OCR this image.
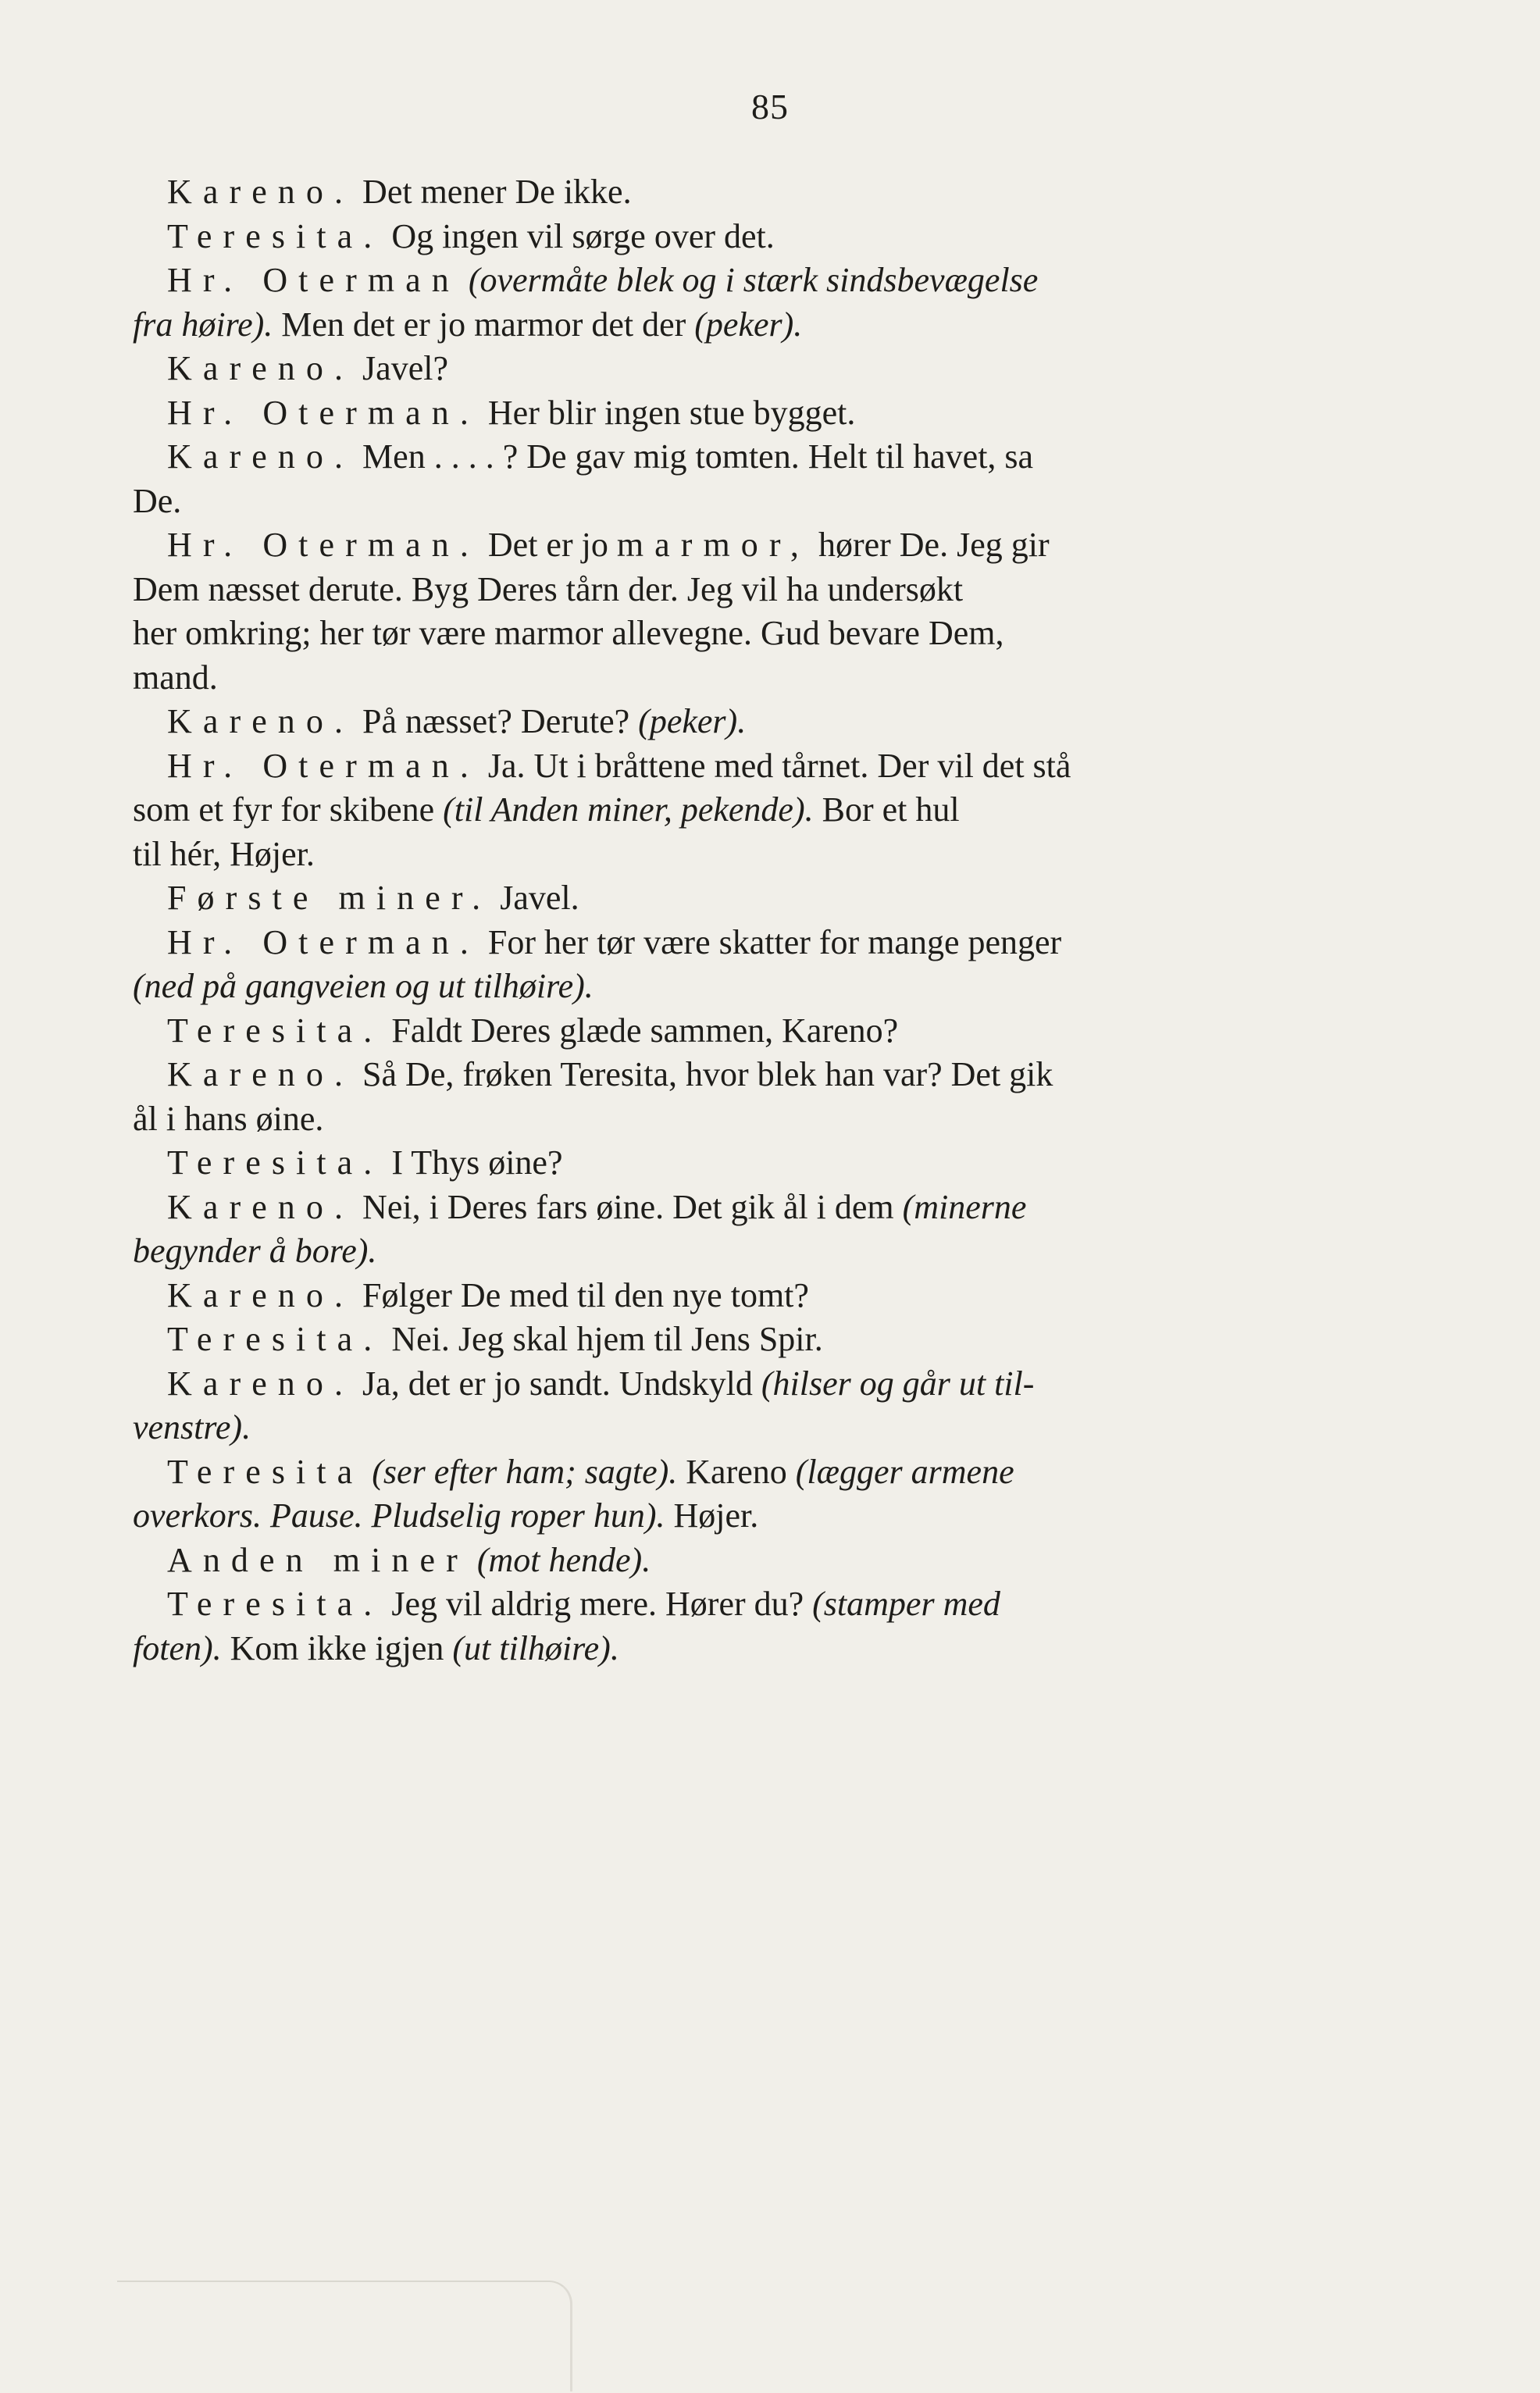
85
Kareno. Det mener De ikke.
Teresita. Og ingen vil sørge over det.
Hr. Oterman (overmåte blek og i stærk sindsbevægelse
fra høire). Men det er jo marmor det der (peker).
Kareno. Javel?
Hr. Oterman. Her blir ingen stue bygget.
Kareno. Men . . . . ? De gav mig tomten. Helt til havet, sa
De.
Hr. Oterman. Det er jo marmor, hører De. Jeg gir
Dem næsset derute. Byg Deres tårn der. Jeg vil ha undersøkt
her omkring; her tør være marmor allevegne. Gud bevare Dem,
mand.
Kareno. På næsset? Derute? (peker).
Hr. Oterman. Ja. Ut i bråttene med tårnet. Der vil det stå
som et fyr for skibene (til Anden miner, pekende). Bor et hul
til hér, Højer.
Første miner. Javel.
Hr. Oterman. For her tør være skatter for mange penger
(ned på gangveien og ut tilhøire).
Teresita. Faldt Deres glæde sammen, Kareno?
Kareno. Så De, frøken Teresita, hvor blek han var? Det gik
ål i hans øine.
Teresita. I Thys øine?
Kareno. Nei, i Deres fars øine. Det gik ål i dem (minerne
begynder å bore).
Kareno. Følger De med til den nye tomt?
Teresita. Nei. Jeg skal hjem til Jens Spir.
Kareno. Ja, det er jo sandt. Undskyld (hilser og går ut til-
venstre).
Teresita (ser efter ham; sagte). Kareno (lægger armene
overkors. Pause. Pludselig roper hun). Højer.
Anden miner (mot hende).
Teresita. Jeg vil aldrig mere. Hører du? (stamper med
foten). Kom ikke igjen (ut tilhøire).
